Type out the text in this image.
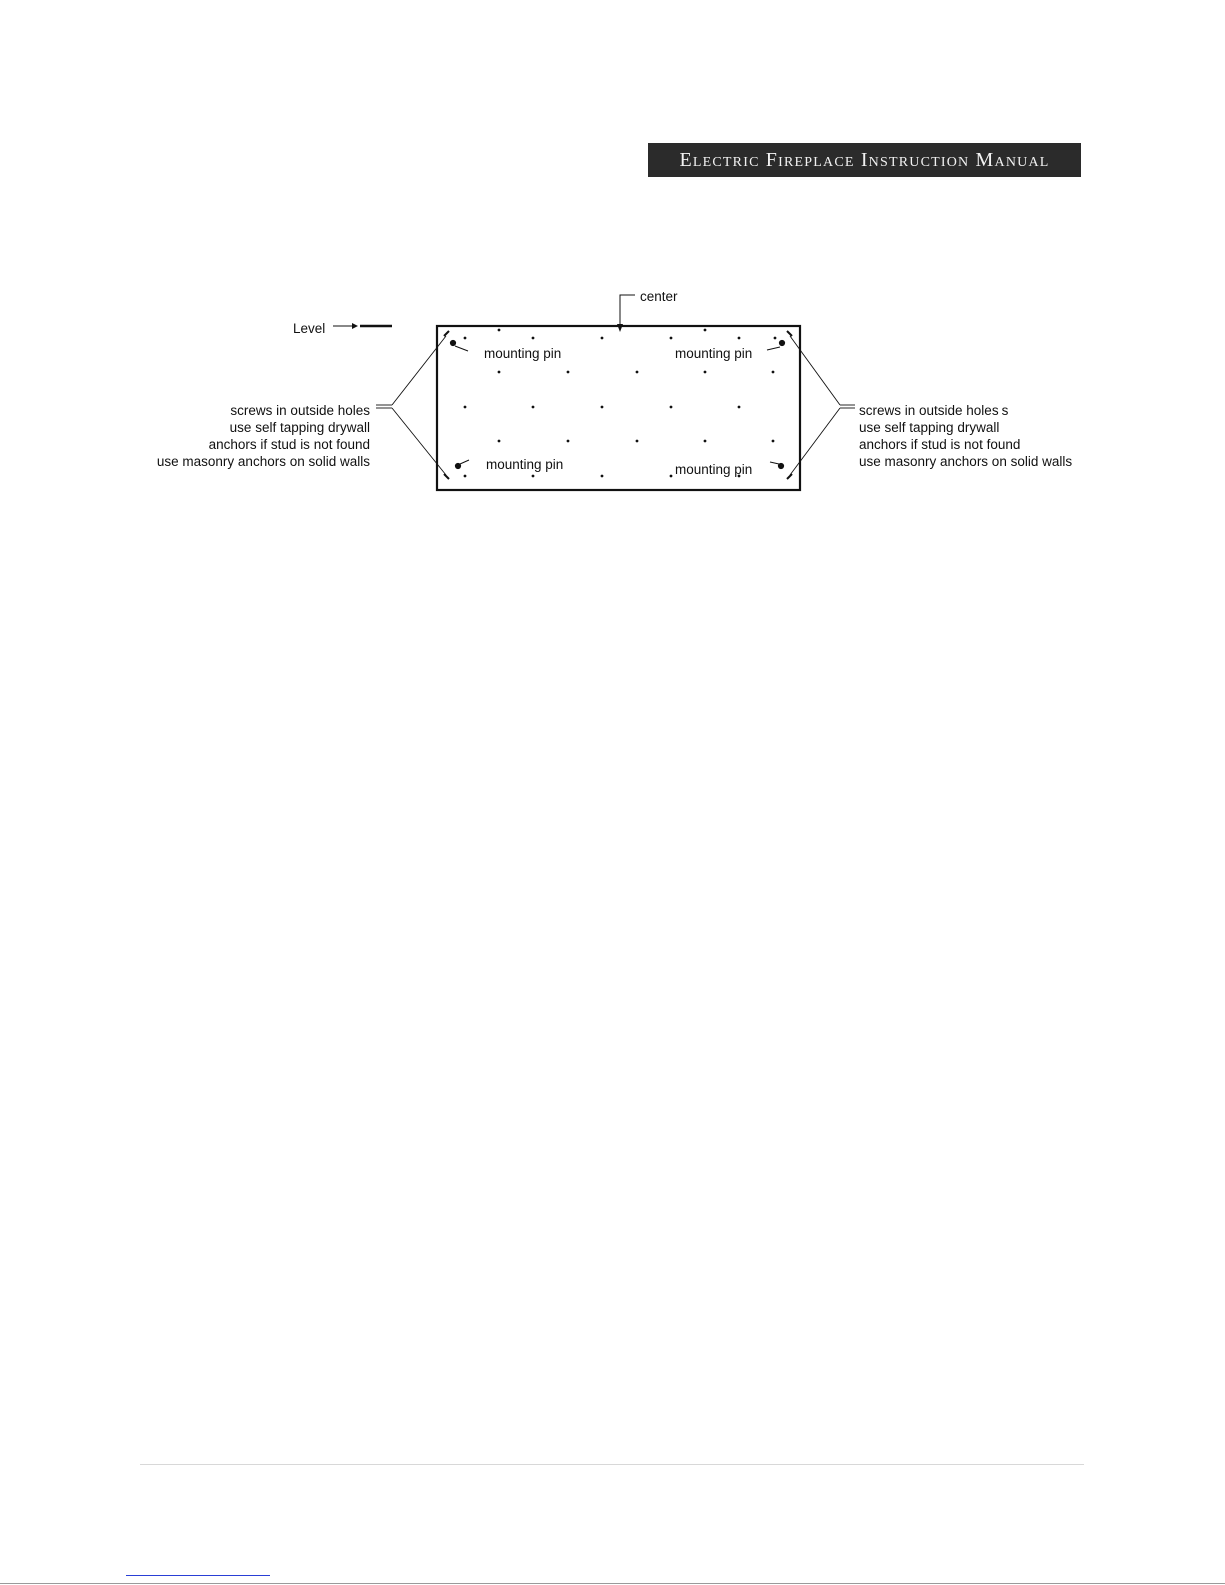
Electric Fireplace Instruction Manual
center
Level
mounting pin	mounting pin
mounting pin	mounting pin
screws in outside holes
use self tapping drywall
anchors if stud is not found
use masonry anchors on solid walls
screws in outside holes s
use self tapping drywall
anchors if stud is not found
use masonry anchors on solid walls
